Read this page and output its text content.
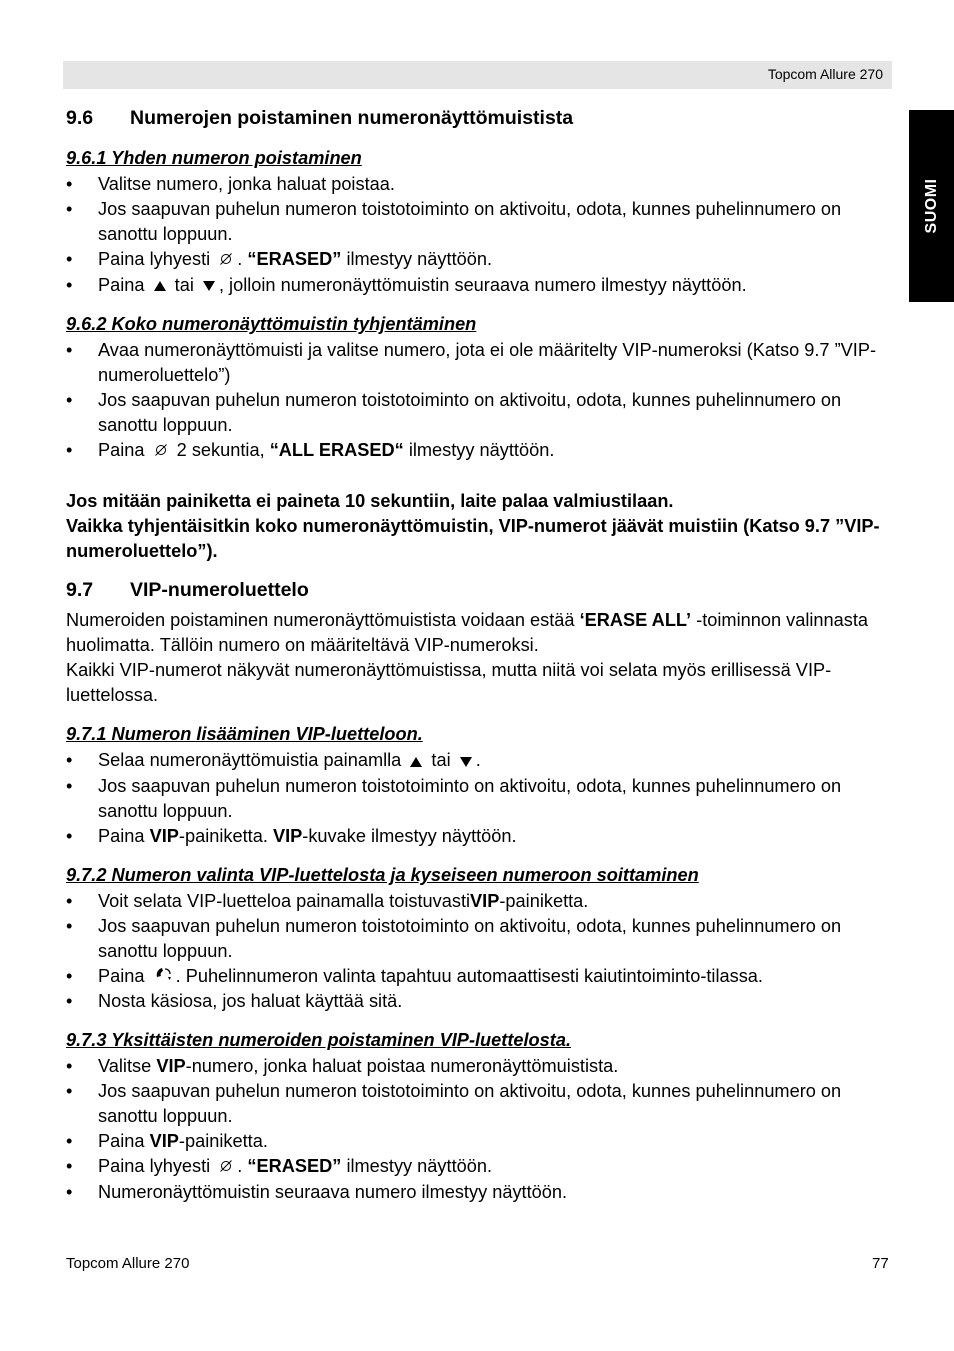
Topcom Allure 270
SUOMI
9.6 Numerojen poistaminen numeronäyttömuistista
9.6.1 Yhden numeron poistaminen
• Valitse numero, jonka haluat poistaa.
• Jos saapuvan puhelun numeron toistotoiminto on aktivoitu, odota, kunnes puhelinnumero on sanottu loppuun.
• Paina lyhyesti . “ERASED” ilmestyy näyttöön.
• Paina tai , jolloin numeronäyttömuistin seuraava numero ilmestyy näyttöön.
9.6.2 Koko numeronäyttömuistin tyhjentäminen
• Avaa numeronäyttömuisti ja valitse numero, jota ei ole määritelty VIP-numeroksi (Katso 9.7 ”VIP-numeroluettelo”)
• Jos saapuvan puhelun numeron toistotoiminto on aktivoitu, odota, kunnes puhelinnumero on sanottu loppuun.
• Paina 2 sekuntia, “ALL ERASED“ ilmestyy näyttöön.

Jos mitään painiketta ei paineta 10 sekuntiin, laite palaa valmiustilaan.

Vaikka tyhjentäisitkin koko numeronäyttömuistin, VIP-numerot jäävät muistiin (Katso 9.7 ”VIP-numeroluettelo”).

9.7 VIP-numeroluettelo

Numeroiden poistaminen numeronäyttömuistista voidaan estää ‘ERASE ALL’ -toiminnon valinnasta huolimatta. Tällöin numero on määriteltävä VIP-numeroksi.

Kaikki VIP-numerot näkyvät numeronäyttömuistissa, mutta niitä voi selata myös erillisessä VIP-luettelossa.

9.7.1 Numeron lisääminen VIP-luetteloon.
• Selaa numeronäyttömuistia painamlla tai .
• Jos saapuvan puhelun numeron toistotoiminto on aktivoitu, odota, kunnes puhelinnumero on sanottu loppuun.
• Paina VIP-painiketta. VIP-kuvake ilmestyy näyttöön.
9.7.2 Numeron valinta VIP-luettelosta ja kyseiseen numeroon soittaminen
• Voit selata VIP-luetteloa painamalla toistuvastiVIP-painiketta.
• Jos saapuvan puhelun numeron toistotoiminto on aktivoitu, odota, kunnes puhelinnumero on sanottu loppuun.
• Paina . Puhelinnumeron valinta tapahtuu automaattisesti kaiutintoiminto-tilassa.
• Nosta käsiosa, jos haluat käyttää sitä.
9.7.3 Yksittäisten numeroiden poistaminen VIP-luettelosta.
• Valitse VIP-numero, jonka haluat poistaa numeronäyttömuistista.
• Jos saapuvan puhelun numeron toistotoiminto on aktivoitu, odota, kunnes puhelinnumero on sanottu loppuun.
• Paina VIP-painiketta.
• Paina lyhyesti . “ERASED” ilmestyy näyttöön.
• Numeronäyttömuistin seuraava numero ilmestyy näyttöön.
Topcom Allure 270	77
